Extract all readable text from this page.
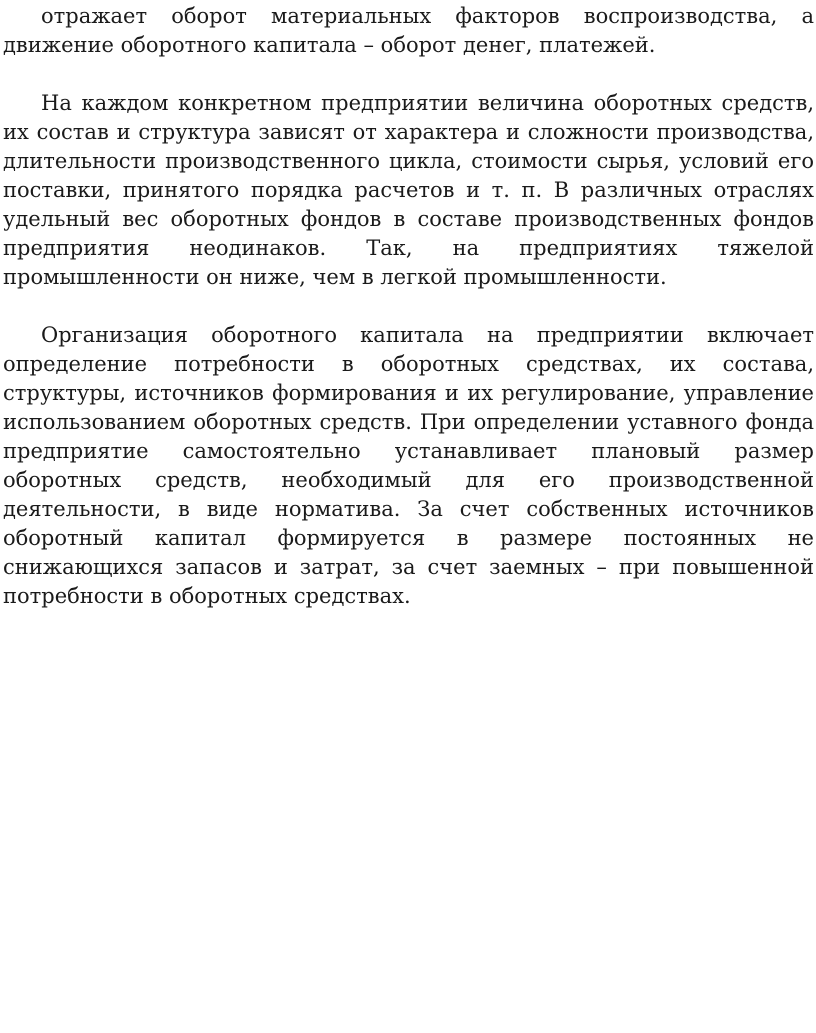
отражает оборот материальных факторов воспроизводства, а движение оборотного капитала – оборот денег, платежей.

На каждом конкретном предприятии величина оборотных средств, их состав и структура зависят от характера и сложности производства, длительности производственного цикла, стоимости сырья, условий его поставки, принятого порядка расчетов и т. п. В различных отраслях удельный вес оборотных фондов в составе производственных фондов предприятия неодинаков. Так, на предприятиях тяжелой промышленности он ниже, чем в легкой промышленности.

Организация оборотного капитала на предприятии включает определение потребности в оборотных средствах, их состава, структуры, источников формирования и их регулирование, управление использованием оборотных средств. При определении уставного фонда предприятие самостоятельно устанавливает плановый размер оборотных средств, необходимый для его производственной деятельности, в виде норматива. За счет собственных источников оборотный капитал формируется в размере постоянных не снижающихся запасов и затрат, за счет заемных – при повышенной потребности в оборотных средствах.
